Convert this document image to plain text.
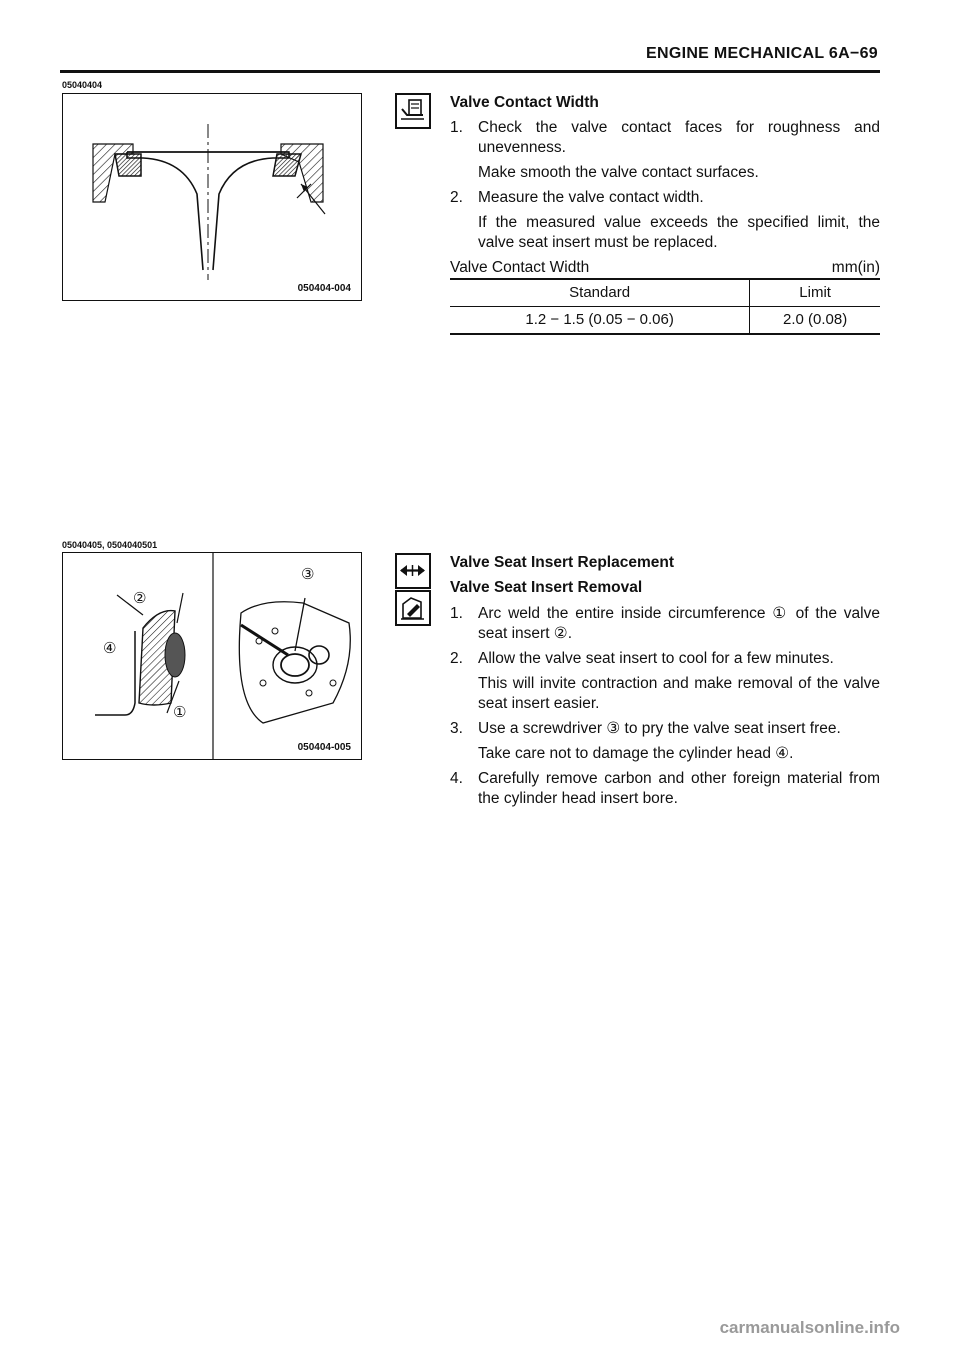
ENGINE MECHANICAL 6A−69
05040404
050404-004
Valve Contact Width
1. Check the valve contact faces for roughness and unevenness.
Make smooth the valve contact surfaces.
2. Measure the valve contact width.
If the measured value exceeds the specified limit, the valve seat insert must be replaced.
Valve Contact Width	mm(in)
Standard	Limit
1.2 − 1.5 (0.05 − 0.06)	2.0 (0.08)
05040405, 0504040501
②
④
①
③
050404-005
Valve Seat Insert Replacement
Valve Seat Insert Removal
1. Arc weld the entire inside circumference ① of the valve seat insert ②.
2. Allow the valve seat insert to cool for a few minutes.
This will invite contraction and make removal of the valve seat insert easier.
3. Use a screwdriver ③ to pry the valve seat insert free.
Take care not to damage the cylinder head ④.
4. Carefully remove carbon and other foreign material from the cylinder head insert bore.
carmanualsonline.info
